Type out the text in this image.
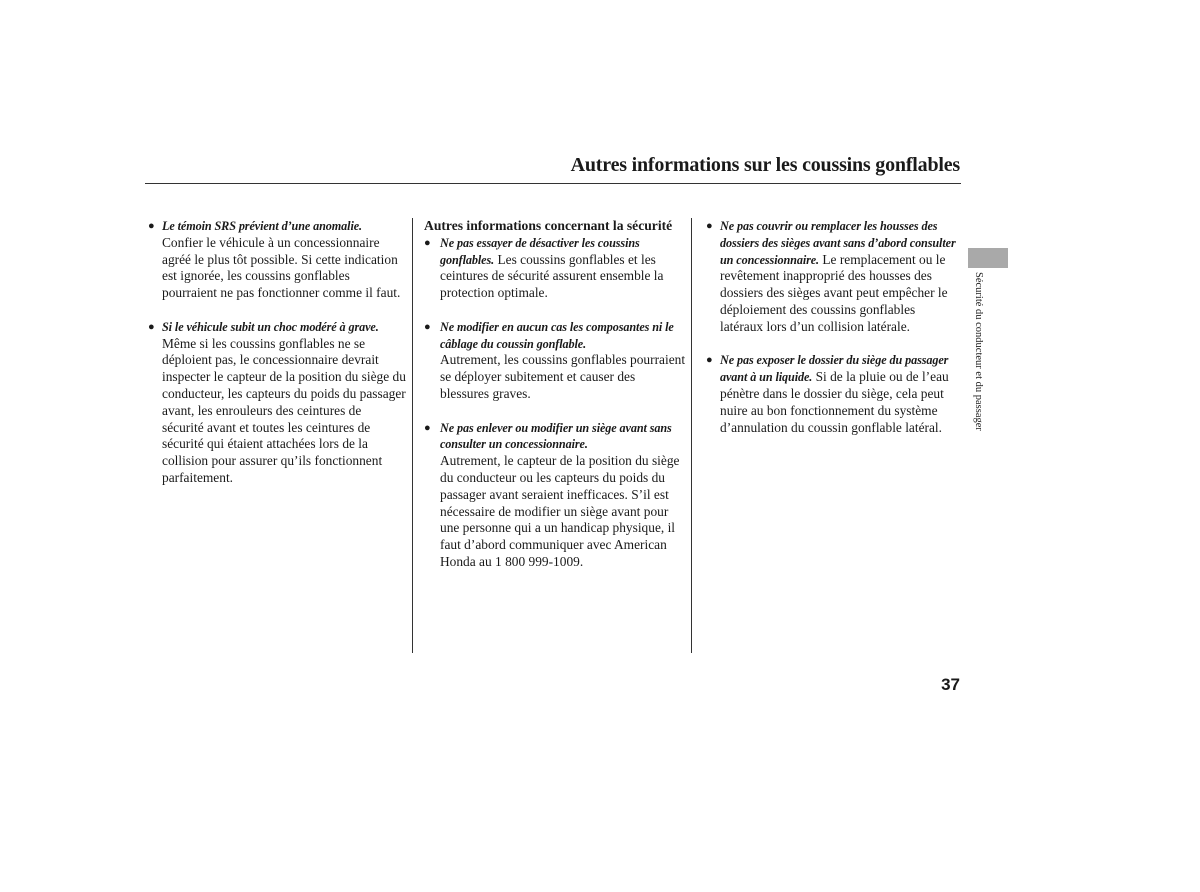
Autres informations sur les coussins gonflables
● Le témoin SRS prévient d’une anomalie.
Confier le véhicule à un concessionnaire agréé le plus tôt possible. Si cette indication est ignorée, les coussins gonflables pourraient ne pas fonctionner comme il faut.
● Si le véhicule subit un choc modéré à grave.
Même si les coussins gonflables ne se déploient pas, le concessionnaire devrait inspecter le capteur de la position du siège du conducteur, les capteurs du poids du passager avant, les enrouleurs des ceintures de sécurité avant et toutes les ceintures de sécurité qui étaient attachées lors de la collision pour assurer qu’ils fonctionnent parfaitement.
Autres informations concernant la sécurité
● Ne pas essayer de désactiver les coussins gonflables. Les coussins gonflables et les ceintures de sécurité assurent ensemble la protection optimale.
● Ne modifier en aucun cas les composantes ni le câblage du coussin gonflable.
Autrement, les coussins gonflables pourraient se déployer subitement et causer des blessures graves.
● Ne pas enlever ou modifier un siège avant sans consulter un concessionnaire.
Autrement, le capteur de la position du siège du conducteur ou les capteurs du poids du passager avant seraient inefficaces. S’il est nécessaire de modifier un siège avant pour une personne qui a un handicap physique, il faut d’abord communiquer avec American Honda au 1 800 999-1009.
● Ne pas couvrir ou remplacer les housses des dossiers des sièges avant sans d’abord consulter un concessionnaire. Le remplacement ou le revêtement inapproprié des housses des dossiers des sièges avant peut empêcher le déploiement des coussins gonflables latéraux lors d’un collision latérale.
● Ne pas exposer le dossier du siège du passager avant à un liquide. Si de la pluie ou de l’eau pénètre dans le dossier du siège, cela peut nuire au bon fonctionnement du système d’annulation du coussin gonflable latéral.	Sécurité du conducteur et du passager
37
